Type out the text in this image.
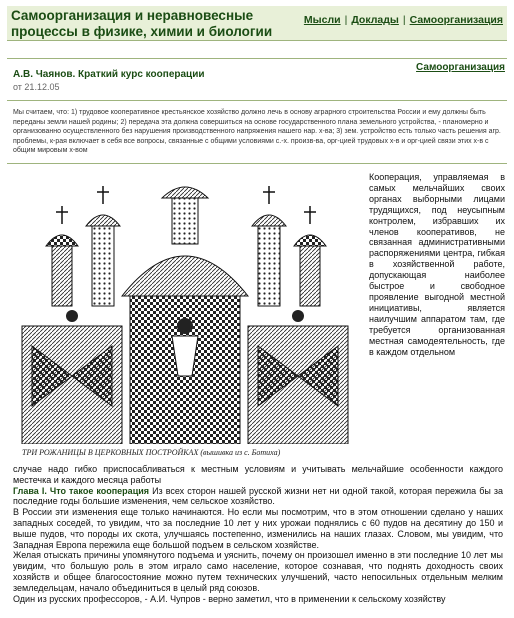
Самоорганизация и неравновесные процессы в физике, химии и биологии
Мысли | Доклады | Самоорганизация
Самоорганизация
А.В. Чаянов. Краткий курс кооперации
от 21.12.05
Мы считаем, что: 1) трудовое кооперативное крестьянское хозяйство должно лечь в основу аграрного строительства России и ему должны быть переданы земли нашей родины; 2) передача эта должна совершиться на основе государственного плана земельного устройства, - планомерно и организованно осуществленного без нарушения производственного напряжения нашего нар. х-ва; 3) зем. устройство есть только часть решения агр. проблемы, к-рая включает в себя все вопросы, связанные с общими условиями с.-х. произв-ва, орг-цией трудовых х-в и орг-цией связи этих х-в с общим мировым х-вом
ТРИ РОЖАНИЦЫ В ЦЕРКОВНЫХ ПОСТРОЙКАХ (вышивка из с. Ботиха)
Кооперация, управляемая в самых мельчайших своих органах выборными лицами трудящихся, под неусыпным контролем, избравших их членов кооперативов, не связанная административными распоряжениями центра, гибкая в хозяйственной работе, допускающая наиболее быстрое и свободное проявление выгодной местной инициативы, является наилучшим аппаратом там, где требуется организованная местная самодеятельность, где в каждом отдельном

случае надо гибко приспосабливаться к местным условиям и учитывать мельчайшие особенности каждого местечка и каждого месяца работы

Глава I. Что такое кооперация Из всех сторон нашей русской жизни нет ни одной такой, которая пережила бы за последние годы большие изменения, чем сельское хозяйство.

В России эти изменения еще только начинаются. Но если мы посмотрим, что в этом отношении сделано у наших западных соседей, то увидим, что за последние 10 лет у них урожаи поднялись с 60 пудов на десятину до 150 и выше пудов, что породы их скота, улучшаясь постепенно, изменились на наших глазах. Словом, мы увидим, что Западная Европа пережила еще большой подъем в сельском хозяйстве.

Желая отыскать причины упомянутого подъема и уяснить, почему он произошел именно в эти последние 10 лет мы увидим, что большую роль в этом играло само население, которое сознавая, что поднять доходность своих хозяйств и общее благосостояние можно путем технических улучшений, часто непосильных отдельным мелким земледельцам, начало объединиться в целый ряд союзов.

Один из русских профессоров, - А.И. Чупров - верно заметил, что в применении к сельскому хозяйству
